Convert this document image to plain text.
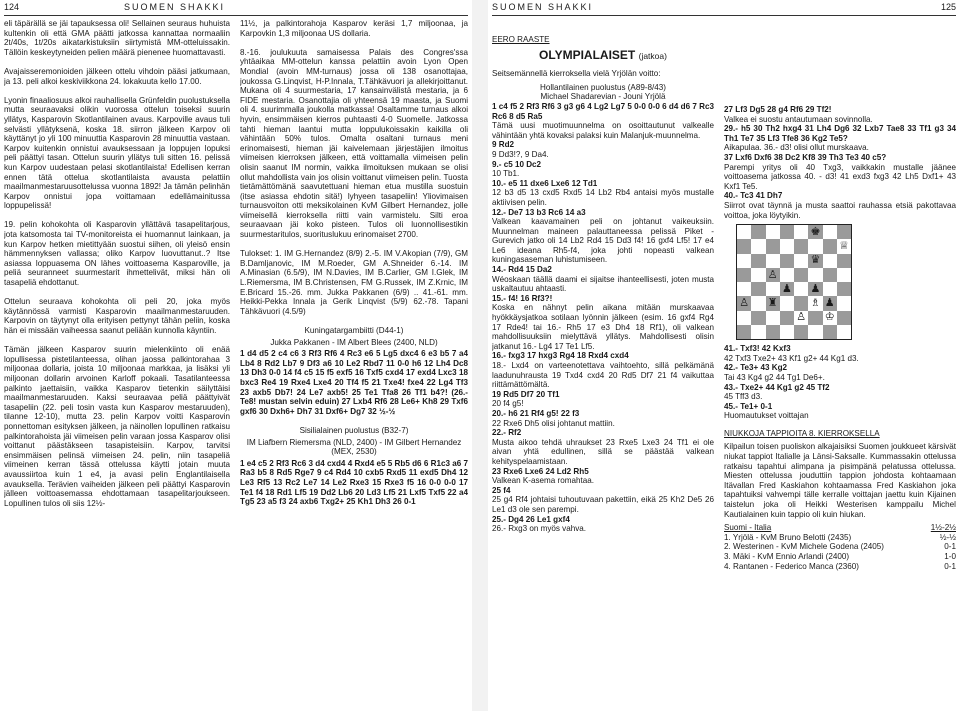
124	SUOMEN SHAKKI

eli täpärällä se jäi tapauksessa oli! Sellainen seuraus huhuista kultenkin oli että GMA päätti jatkossa kannattaa normaaliin 2t/40s, 1t/20s aikatarkistuksiin siirtymistä MM-otteluissakin. Tällöin keskeytyneiden pelien määrä pienenee huomattavasti.

Avajaisseremonioiden jälkeen ottelu vihdoin pääsi jatkumaan, ja 13. peli alkoi keskiviikkona 24. lokakuuta kello 17.00.

Lyonin finaaliosuus alkoi rauhallisella Grünfeldin puolustuksella mutta seuraavaksi olikin vuorossa ottelun toiseksi suurin yllätys, Kasparovin Skotlantilainen avaus. Karpoville avaus tuli selvästi yllätyksenä, koska 18. siirron jälkeen Karpov oli käyttänyt jo yli 100 minuuttia Kasparovin 28 minuuttia vastaan. Karpov kuitenkin onnistui avauksessaan ja loppujen lopuksi peli päättyi tasan. Ottelun suurin yllätys tuli sitten 16. pelissä kun Karpov uudestaan pelasi skotlantilaista! Edellisen kerran ennen tätä ottelua skotlantilaista avausta pelattiin maailmanmestaruusottelussa vuonna 1892! Ja tämän pelinhän Karpov onnistui jopa voittamaan edellämainitussa loppupelissä!

19. pelin kohokohta oli Kasparovin yllättävä tasapelitarjous, jota katsomosta tai TV-monitoreista ei huomannut lainkaan, ja kun Karpov hetken mietittyään suostui siihen, oli yleisö ensin hämmennyksen vallassa; oliko Karpov luovuttanut..? Itse asiassa loppuasema ON lähes voittoasema Kasparoville, ja peliä seuranneet suurmestarit ihmettelivät, miksi hän oli tasapeliä ehdottanut.

Ottelun seuraava kohokohta oli peli 20, joka myös käytännössä varmisti Kasparovin maailmanmestaruuden. Karpovin on täytynyt olla erityisen pettynyt tähän peliin, koska hän ei missään vaiheessa saanut peliään kunnolla käyntiin.

Tämän jälkeen Kasparov suurin mielenkiinto oli enää lopullisessa pistetilanteessa, olihan jaossa palkintorahaa 3 miljoonaa dollaria, joista 10 miljoonaa markkaa, ja lisäksi yli miljoonan dollarin arvoinen Karloff pokaali. Tasatilanteessa palkinto jaettaisiin, vaikka Kasparov tietenkin säilyttäisi maailmanmestaruuden. Kaksi seuraavaa peliä päättyivät tasapeliin (22. peli tosin vasta kun Kasparov mestaruuden), tilanne 12-10), mutta 23. pelin Karpov voitti Kasparovin ponnettoman esityksen jälkeen, ja näinollen lopullinen ratkaisu palkintorahoista jäi viimeisen pelin varaan jossa Kasparov olisi voittanut päästäkseen tasapisteisiin. Karpov, tarvitsi ensimmäisen pelinsä viimeisen 24. pelin, niin tasapeliä viimeinen kerran tässä ottelussa käytti jotain muuta avaussiirtoa kuin 1 e4, ja avasi pelin Englantilaisella avauksella. Terävien vaiheiden jälkeen peli päättyi Kasparovin jälleen voittoasemassa ehdottamaan tasapelitarjoukseen. Lopullinen tulos oli siis 12½-

11½, ja palkintorahoja Kasparov keräsi 1,7 miljoonaa, ja Karpovkin 1,3 miljoonaa US dollaria.

8.-16. joulukuuta samaisessa Palais des Congres'ssa yhtäaikaa MM-ottelun kanssa pelattiin avoin Lyon Open Mondial (avoin MM-turnaus) jossa oli 138 osanottajaa, joukossa G.Linqvist, H-P.Innala, T.Tähkävuori ja allekirjoittanut. Mukana oli 4 suurmestaria, 17 kansainvälistä mestaria, ja 6 FIDE mestaria. Osanottajia oli yhteensä 19 maasta, ja Suomi oli 4. suurimmalla joukolla matkassa! Osaltamme turnaus alkoi hyvin, ensimmäisen kierros puhtaasti 4-0 Suomelle. Jatkossa tahti hieman laantui mutta loppulukoissakin kaikilla oli vähintään 50% tulos. Omalta osaltani turnaus meni erinomaisesti, hieman jäi kaivelemaan järjestäjien ilmoitus viimeisen kierroksen jälkeen, että voittamalla viimeisen pelin olisin saanut IM normin, vaikka ilmoituksen mukaan se olisi ollut mahdollista vain jos olisin voittanut viimeisen pelin. Tuosta tietämättömänä saavutettuani hieman etua mustilla suostuin (itse asiassa ehdotin sitä!) lyhyeen tasapeliin! Yliovimaisen turnausvoiton otti meksikolainen KvM Gilbert Hernandez, jolle viimeisellä kierroksella riitti vain varmistelu. Silti eroa seuraavaan jäi koko pisteen. Tulos oli luonnollisestikin suurmestaritulos, suorituslukuu erinomaiset 2700.

Tulokset: 1. IM G.Hernandez (8/9) 2.-5. IM V.Akopian (7/9), GM B.Damljanovic, IM M.Roeder, GM A.Shneider 6.-14. IM A.Minasian (6.5/9), IM N.Davies, IM B.Carlier, GM I.Glek, IM L.Riemersma, IM B.Christensen, FM G.Russek, IM Z.Krnic, IM E.Bricard 15.-26. mm. Jukka Pakkanen (6/9) .. 41.-61. mm. Heikki-Pekka Innala ja Gerik Linqvist (5/9) 62.-78. Tapani Tähkävuori (4.5/9)

Kuningatargambiitti (D44-1)

Jukka Pakkanen - IM Albert Blees (2400, NLD)

1 d4 d5 2 c4 c6 3 Rf3 Rf6 4 Rc3 e6 5 Lg5 dxc4 6 e3 b5 7 a4 Lb4 8 Rd2 Lb7 9 Df3 a6 10 Le2 Rbd7 11 0-0 h6 12 Lh4 Dc8 13 Dh3 0-0 14 f4 c5 15 f5 exf5 16 Txf5 cxd4 17 exd4 Lxc3 18 bxc3 Re4 19 Rxe4 Lxe4 20 Tf4 f5 21 Txe4! fxe4 22 Lg4 Tf3 23 axb5 Db7! 24 Le7 axb5! 25 Te1 Tfa8 26 Tf1 b4?! (26.- Te8! mustan selvin eduin) 27 Lxb4 Rf6 28 Le6+ Kh8 29 Txf6 gxf6 30 Dxh6+ Dh7 31 Dxf6+ Dg7 32 ½-½

Sisilialainen puolustus (B32-7)

IM Liafbern Riemersma (NLD, 2400) - IM Gilbert Hernandez (MEX, 2530)

1 e4 c5 2 Rf3 Rc6 3 d4 cxd4 4 Rxd4 e5 5 Rb5 d6 6 R1c3 a6 7 Ra3 b5 8 Rd5 Rge7 9 c4 Rd4 10 cxb5 Rxd5 11 exd5 Dh4 12 Le3 Rf5 13 Rc2 Le7 14 Le2 Rxe3 15 Rxe3 f5 16 0-0 0-0 17 Te1 f4 18 Rd1 Lf5 19 Dd2 Lb6 20 Ld3 Lf5 21 Lxf5 Txf5 22 a4 Tg5 23 a5 f3 24 axb6 Txg2+ 25 Kh1 Dh3 26 0-1

SUOMEN SHAKKI	125

EERO RAASTE

OLYMPIALAISET (jatkoa)

Seitsemännellä kierroksella vielä Yrjölän voitto:

Hollantilainen puolustus (A89-8/43)

Michael Shadarevian - Jouni Yrjölä

1 c4 f5 2 Rf3 Rf6 3 g3 g6 4 Lg2 Lg7 5 0-0 0-0 6 d4 d6 7 Rc3 Rc6 8 d5 Ra5

Tämä uusi muotimuunnelma on osoittautunut valkealle vähintään yhtä kovaksi palaksi kuin Malanjuk-muunnelma.

9 Rd2

9 Dd3!?, 9 Da4.

9.- c5 10 Dc2

10 Tb1.

10.- e5 11 dxe6 Lxe6 12 Td1

12 b3 d5 13 cxd5 Rxd5 14 Lb2 Rb4 antaisi myös mustalle aktiivisen pelin.

12.- De7 13 b3 Rc6 14 a3

Valkean kaavamainen peli on johtanut vaikeuksiin. Muunnelman maineen palauttaneessa pelissä Piket - Gurevich jatko oli 14 Lb2 Rd4 15 Dd3 f4! 16 gxf4 Lf5! 17 e4 Le6 ideana Rh5-f4, joka johti nopeasti valkean kuningasaseman luhistumiseen.

14.- Rd4 15 Da2

Wéoskaan täällä daami ei sijaitse ihanteellisesti, joten musta uskaltautuu ahtaasti.

15.- f4! 16 Rf3?!

Koska en nähnyt pelin aikana mitään murskaavaa hyökkäysjatkoa sotilaan lyönnin jälkeen (esim. 16 gxf4 Rg4 17 Rde4! tai 16.- Rh5 17 e3 Dh4 18 Rf1), oli valkean mahdollisuuksiin mielyttävä yllätys. Mahdollisesti olisin jatkanut 16.- Lg4 17 Te1 Lf5.

16.- fxg3 17 hxg3 Rg4 18 Rxd4 cxd4

18.- Lxd4 on varteenotettava vaihtoehto, sillä pelkämänä laadunuhrausta 19 Txd4 cxd4 20 Rd5 Df7 21 f4 vaikuttaa riittämättömältä.

19 Rd5 Df7 20 Tf1

20 f4 g5!

20.- h6 21 Rf4 g5! 22 f3

22 Rxe6 Dh5 olisi johtanut mattiin.

22.- Rf2

Musta aikoo tehdä uhraukset 23 Rxe5 Lxe3 24 Tf1 ei ole aivan yhtä edullinen, sillä se päästää valkean kehityspelaamistaan.

23 Rxe6 Lxe6 24 Ld2 Rh5

Valkean K-asema romahtaa.

25 f4

25 g4 Rf4 johtaisi tuhoutuvaan pakettiin, eikä 25 Kh2 De5 26 Le1 d3 ole sen parempi.

25.- Dg4 26 Le1 gxf4

26.- Rxg3 on myös vahva.

27 Lf3 Dg5 28 g4 Rf6 29 Tf2!

Valkea ei suostu antautumaan sovinnolla.

29.- h5 30 Th2 hxg4 31 Lh4 Dg6 32 Lxb7 Tae8 33 Tf1 g3 34 Th1 Te7 35 Lf3 Tfe8 36 Kg2 Te5?

Aikapulaa. 36.- d3! olisi ollut murskaava.

37 Lxf6 Dxf6 38 Dc2 Kf8 39 Th3 Te3 40 c5?

Parempi yritys oli 40 Txg3, vaikkakin mustalle jäänee voittoasema jatkossa 40. - d3! 41 exd3 fxg3 42 Lh5 Dxf1+ 43 Kxf1 Te5.

40.- Tc3 41 Dh7

Siirrot ovat täynnä ja musta saattoi rauhassa etsiä pakottavaa voittoa, joka löytyikin.

♚
♕
♛
♙
♟ ♟
♙ ♜	♗ ♟
♙ ♔

41.- Txf3! 42 Kxf3

42 Txf3 Txe2+ 43 Kf1 g2+ 44 Kg1 d3.

42.- Te3+ 43 Kg2

Tai 43 Kg4 g2 44 Tg1 De6+.

43.- Txe2+ 44 Kg1 g2 45 Tf2

45 Tff3 d3.

45.- Te1+ 0-1

Huomautukset voittajan

NIUKKOJA TAPPIOITA 8. KIERROKSELLA

Kilpailun toisen puoliskon alkajaisiksi Suomen joukkueet kärsivät niukat tappiot Italialle ja Länsi-Saksalle. Kummassakin ottelussa ratkaisu tapahtui alimpana ja pisimpänä pelatussa ottelussa. Miesten ottelussa jouduttiin tappion johdosta kohtaamaan Itävallan Fred Kaskiahon kohtaamassa Fred Kaskiahon joka tapahtuiksi vahvempi tälle kerralle voittajan jaettu kuin Kijainen taistelun joka oli Heikki Westerisen kamppailu Michel Kautialainen kuin tappio oli kuin hiukan.

Suomi - Italia	1½-2½
1. Yrjölä - KvM Bruno Belotti (2435)	½-½
2. Westerinen - KvM Michele Godena (2405)	0-1
3. Mäki - KvM Ennio Arlandi (2400)	1-0
4. Rantanen - Federico Manca (2360)	0-1
